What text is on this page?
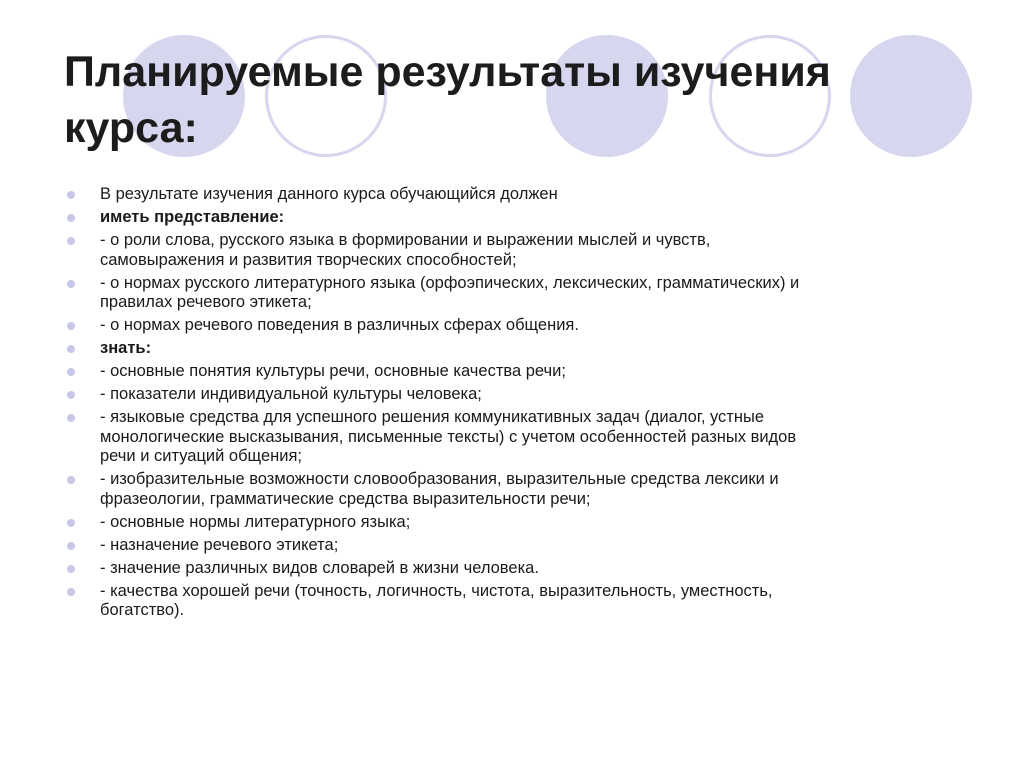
Планируемые результаты изучения
курса:
В результате изучения данного курса обучающийся должен
иметь представление:
- о роли слова, русского языка в формировании и выражении мыслей и чувств,
самовыражения и развития творческих способностей;
- о нормах русского литературного языка (орфоэпических, лексических, грамматических) и
правилах речевого этикета;
- о нормах речевого поведения в различных сферах общения.
знать:
- основные понятия культуры речи, основные качества речи;
- показатели индивидуальной культуры человека;
- языковые средства для успешного решения коммуникативных задач (диалог, устные
монологические высказывания, письменные тексты) с учетом особенностей разных видов
речи и ситуаций общения;
- изобразительные возможности словообразования, выразительные средства лексики и
фразеологии, грамматические средства выразительности речи;
- основные нормы литературного языка;
- назначение речевого этикета;
- значение различных видов словарей в жизни человека.
- качества хорошей речи (точность, логичность, чистота, выразительность, уместность,
богатство).
